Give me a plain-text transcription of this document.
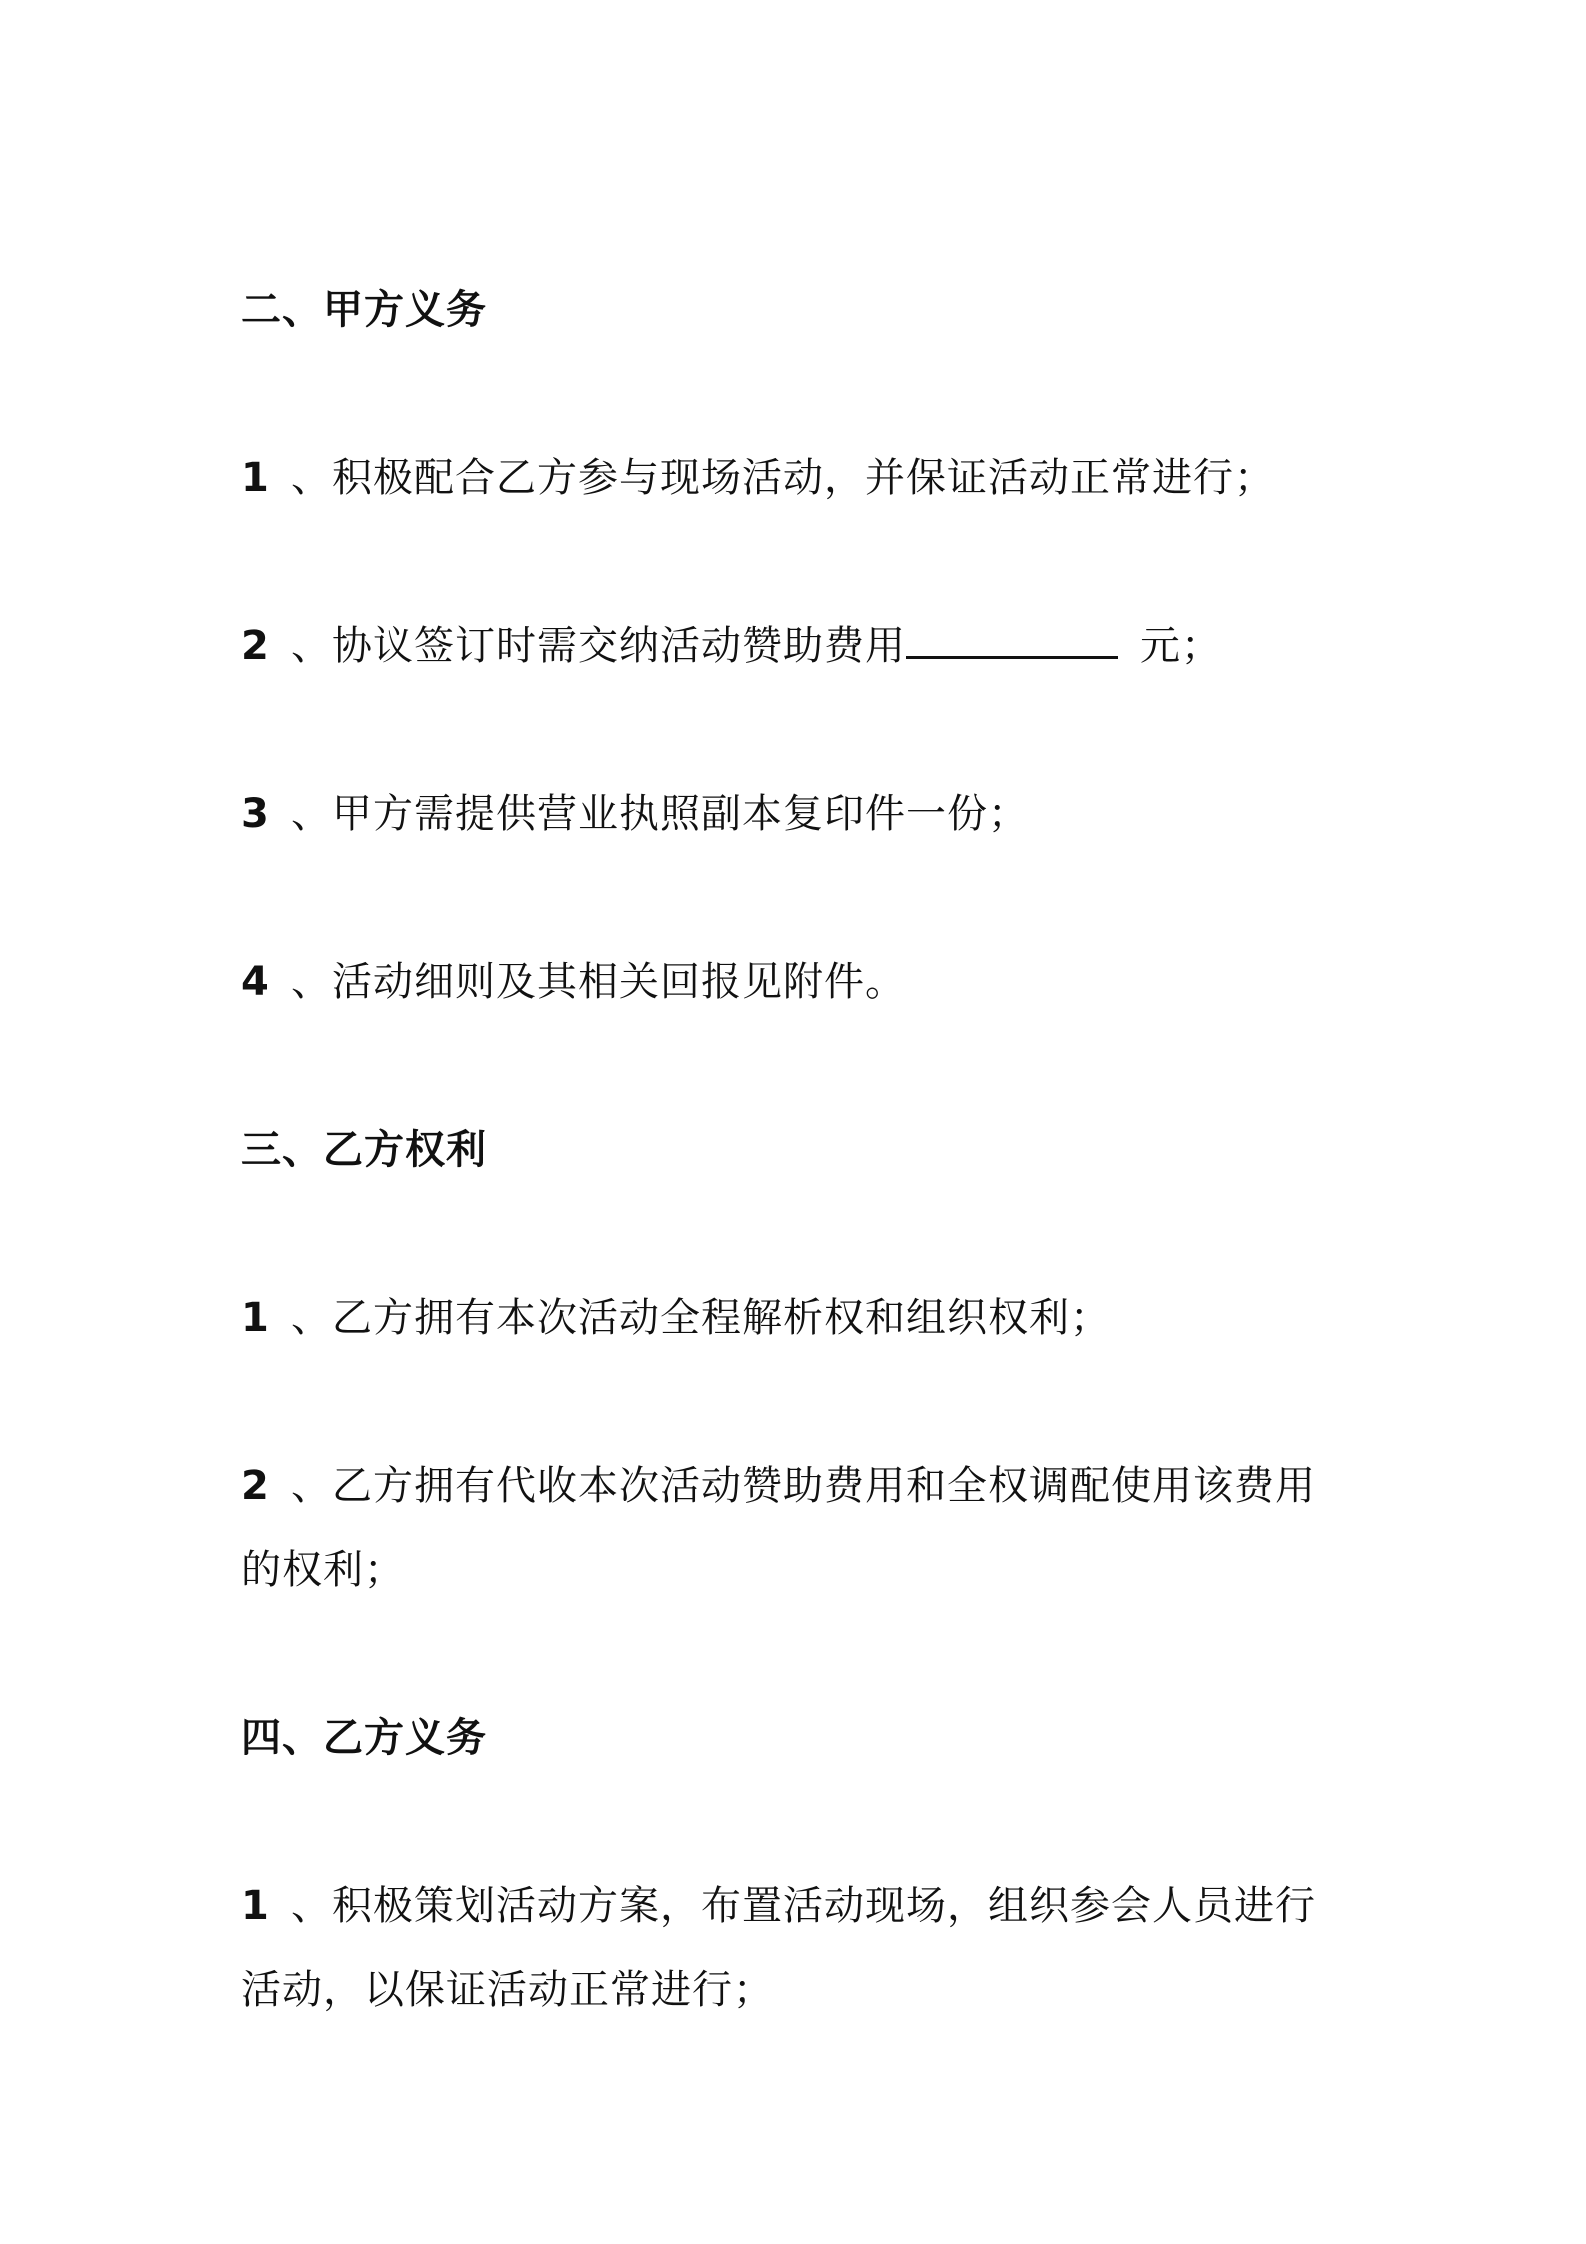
二、甲方义务
1 、积极配合乙方参与现场活动，并保证活动正常进行；
2 、协议签订时需交纳活动赞助费用	元；
3 、甲方需提供营业执照副本复印件一份；
4 、活动细则及其相关回报见附件。
三、乙方权利
1 、乙方拥有本次活动全程解析权和组织权利；
2 、乙方拥有代收本次活动赞助费用和全权调配使用该费用
的权利；
四、乙方义务
1 、积极策划活动方案，布置活动现场，组织参会人员进行
活动，以保证活动正常进行；
